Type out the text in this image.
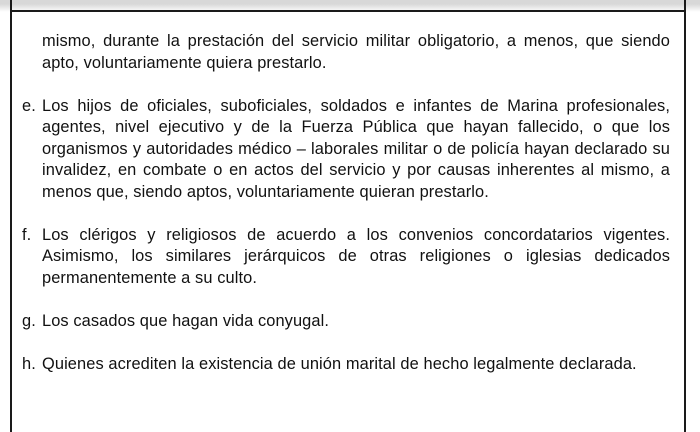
mismo, durante la prestación del servicio militar obligatorio, a menos, que siendo apto, voluntariamente quiera prestarlo.
e. Los hijos de oficiales, suboficiales, soldados e infantes de Marina profesionales, agentes, nivel ejecutivo y de la Fuerza Pública que hayan fallecido, o que los organismos y autoridades médico – laborales militar o de policía hayan declarado su invalidez, en combate o en actos del servicio y por causas inherentes al mismo, a menos que, siendo aptos, voluntariamente quieran prestarlo.
f. Los clérigos y religiosos de acuerdo a los convenios concordatarios vigentes. Asimismo, los similares jerárquicos de otras religiones o iglesias dedicados permanentemente a su culto.
g. Los casados que hagan vida conyugal.
h. Quienes acrediten la existencia de unión marital de hecho legalmente declarada.
